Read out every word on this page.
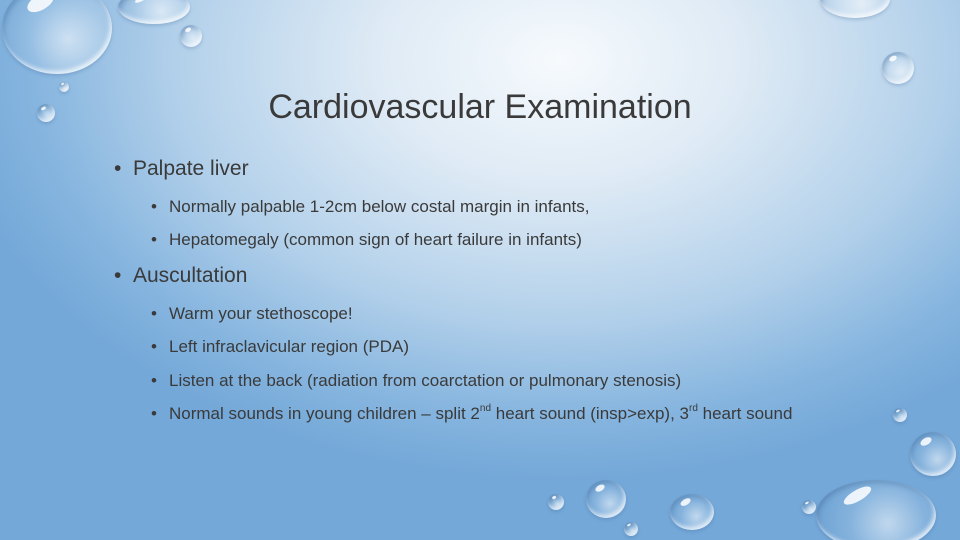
Cardiovascular Examination
• Palpate liver
• Normally palpable 1-2cm below costal margin in infants,
• Hepatomegaly (common sign of heart failure in infants)
• Auscultation
• Warm your stethoscope!
• Left infraclavicular region (PDA)
• Listen at the back (radiation from coarctation or pulmonary stenosis)
• Normal sounds in young children – split 2nd heart sound (insp>exp), 3rd heart sound
